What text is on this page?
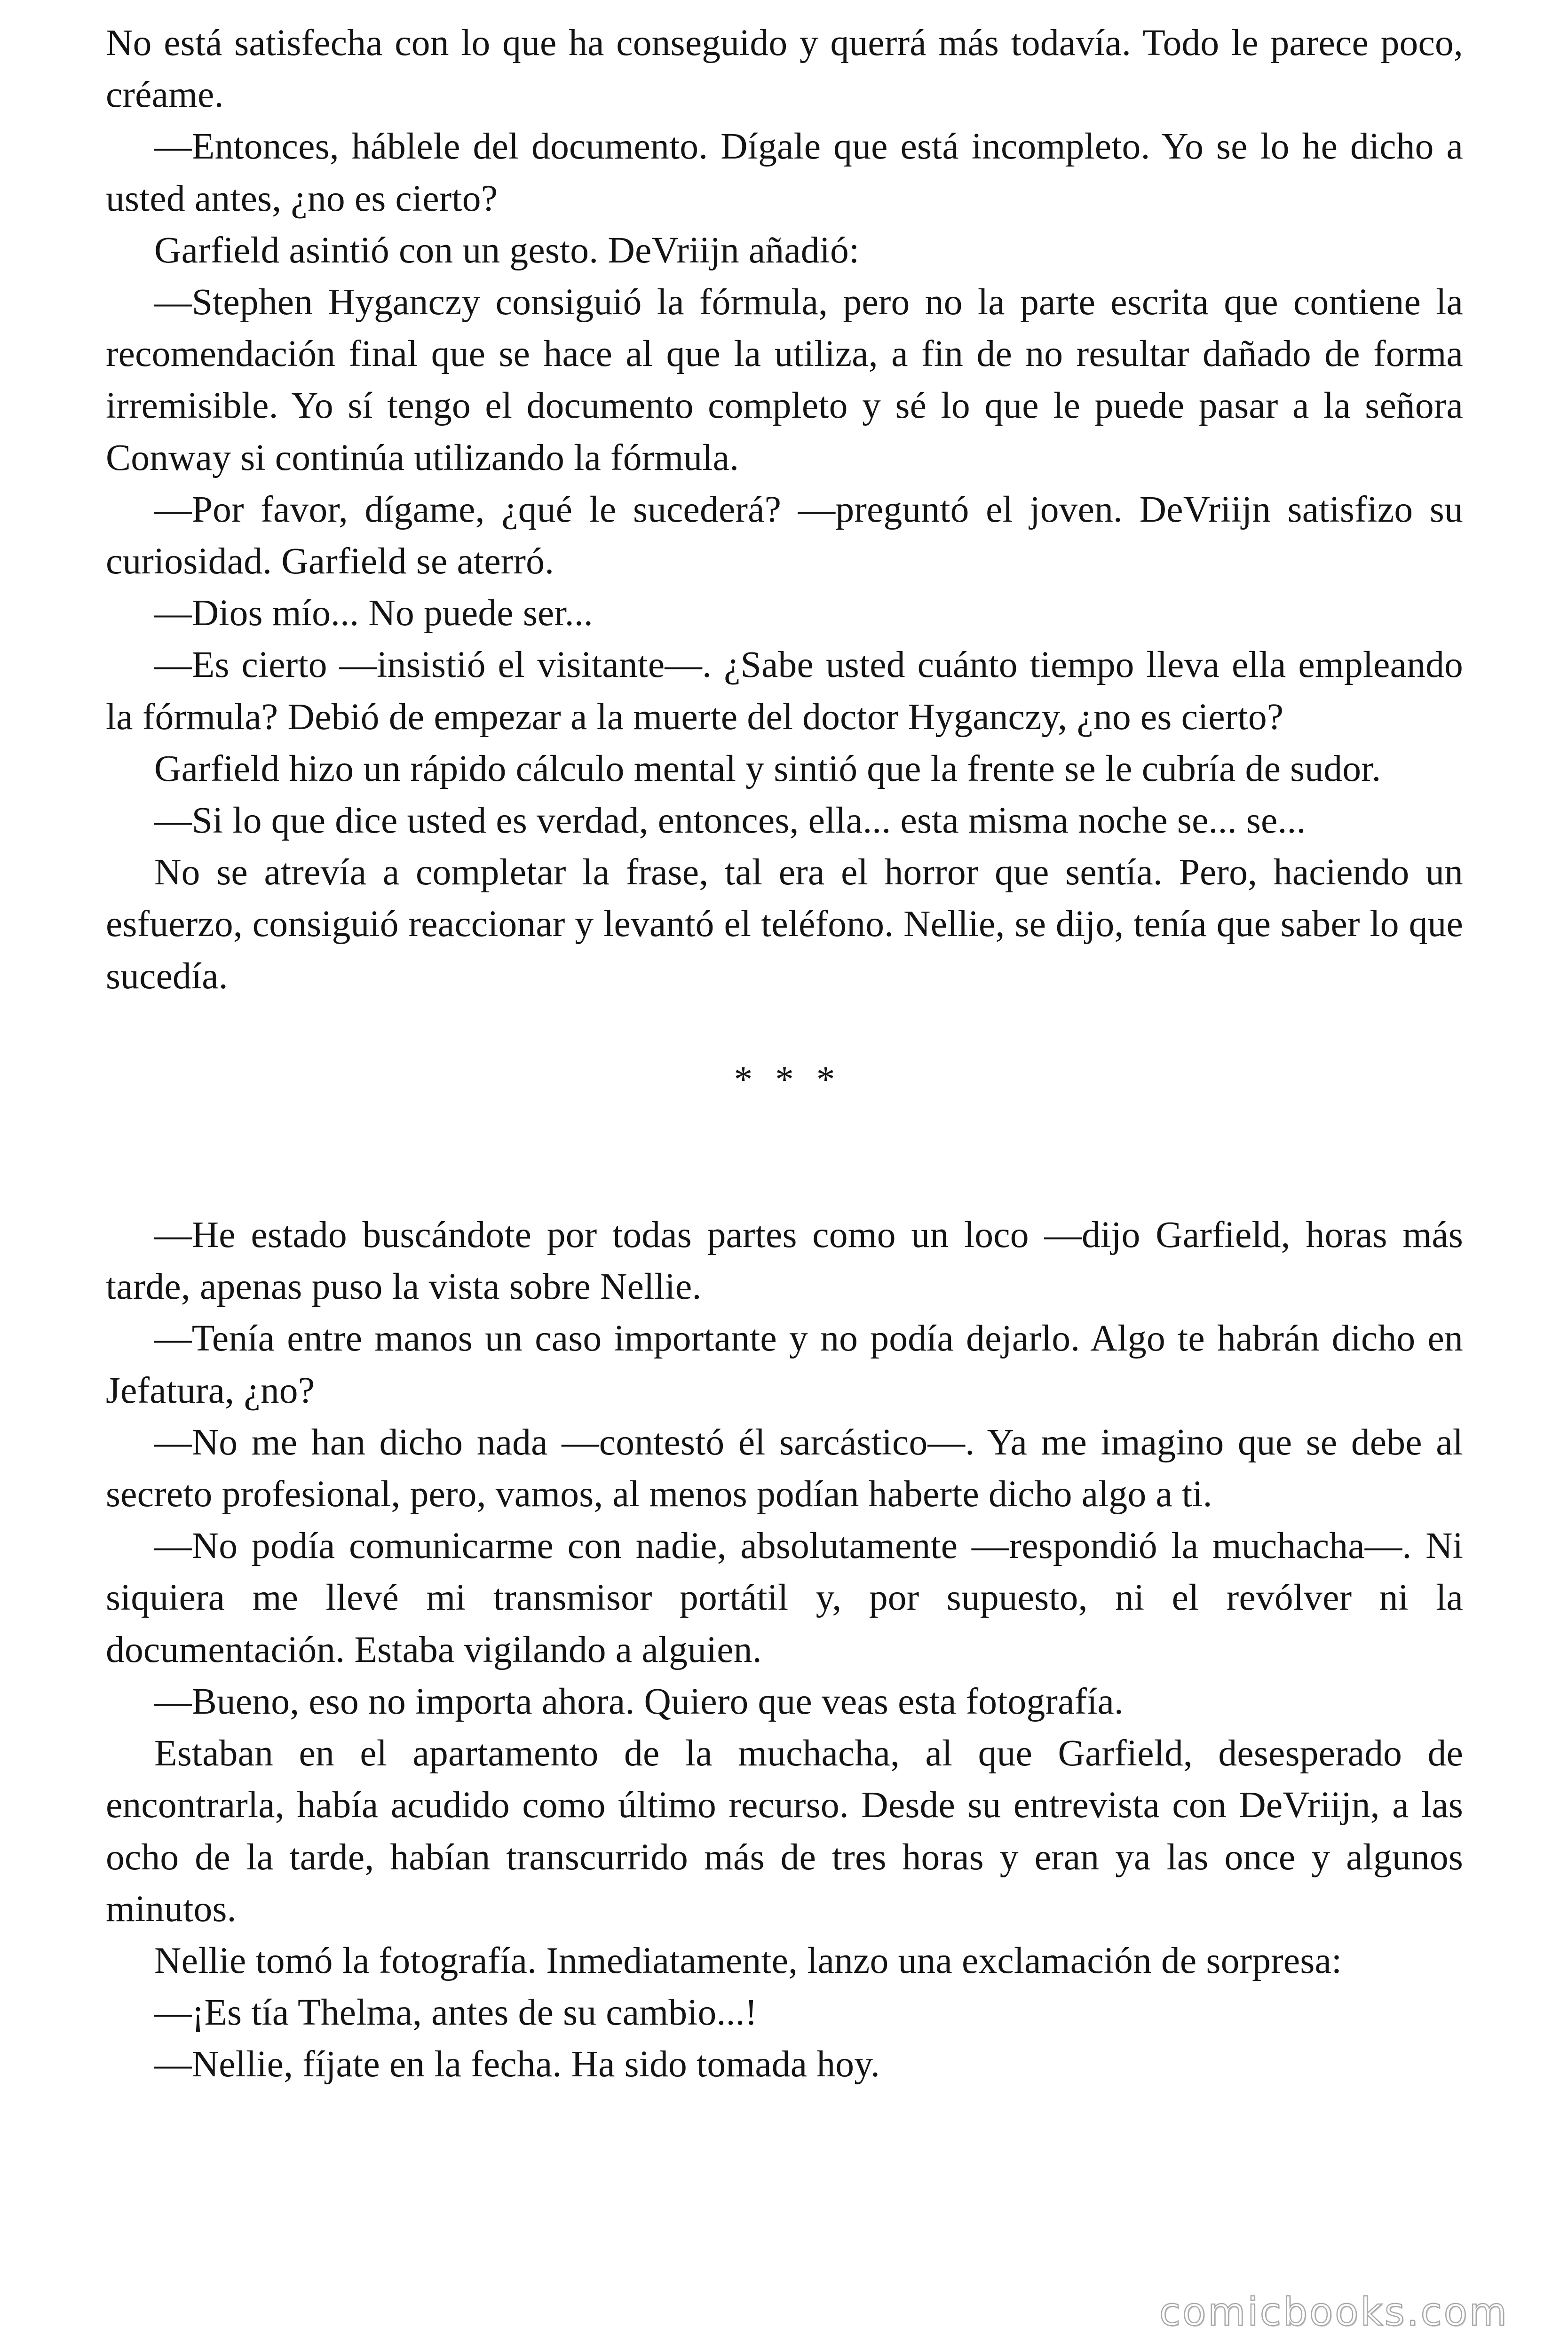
No está satisfecha con lo que ha conseguido y querrá más todavía. Todo le parece poco, créame.

—Entonces, háblele del documento. Dígale que está incompleto. Yo se lo he dicho a usted antes, ¿no es cierto?

Garfield asintió con un gesto. DeVriijn añadió:

—Stephen Hyganczy consiguió la fórmula, pero no la parte escrita que contiene la recomendación final que se hace al que la utiliza, a fin de no resultar dañado de forma irremisible. Yo sí tengo el documento completo y sé lo que le puede pasar a la señora Conway si continúa utilizando la fórmula.

—Por favor, dígame, ¿qué le sucederá? —preguntó el joven. DeVriijn satisfizo su curiosidad. Garfield se aterró.

—Dios mío... No puede ser...

—Es cierto —insistió el visitante—. ¿Sabe usted cuánto tiempo lleva ella empleando la fórmula? Debió de empezar a la muerte del doctor Hyganczy, ¿no es cierto?

Garfield hizo un rápido cálculo mental y sintió que la frente se le cubría de sudor.

—Si lo que dice usted es verdad, entonces, ella... esta misma noche se... se...

No se atrevía a completar la frase, tal era el horror que sentía. Pero, haciendo un esfuerzo, consiguió reaccionar y levantó el teléfono. Nellie, se dijo, tenía que saber lo que sucedía.

* * *

—He estado buscándote por todas partes como un loco —dijo Garfield, horas más tarde, apenas puso la vista sobre Nellie.

—Tenía entre manos un caso importante y no podía dejarlo. Algo te habrán dicho en Jefatura, ¿no?

—No me han dicho nada —contestó él sarcástico—. Ya me imagino que se debe al secreto profesional, pero, vamos, al menos podían haberte dicho algo a ti.

—No podía comunicarme con nadie, absolutamente —respondió la muchacha—. Ni siquiera me llevé mi transmisor portátil y, por supuesto, ni el revólver ni la documentación. Estaba vigilando a alguien.

—Bueno, eso no importa ahora. Quiero que veas esta fotografía.

Estaban en el apartamento de la muchacha, al que Garfield, desesperado de encontrarla, había acudido como último recurso. Desde su entrevista con DeVriijn, a las ocho de la tarde, habían transcurrido más de tres horas y eran ya las once y algunos minutos.

Nellie tomó la fotografía. Inmediatamente, lanzo una exclamación de sorpresa:

—¡Es tía Thelma, antes de su cambio...!

—Nellie, fíjate en la fecha. Ha sido tomada hoy.

comicbooks.com
